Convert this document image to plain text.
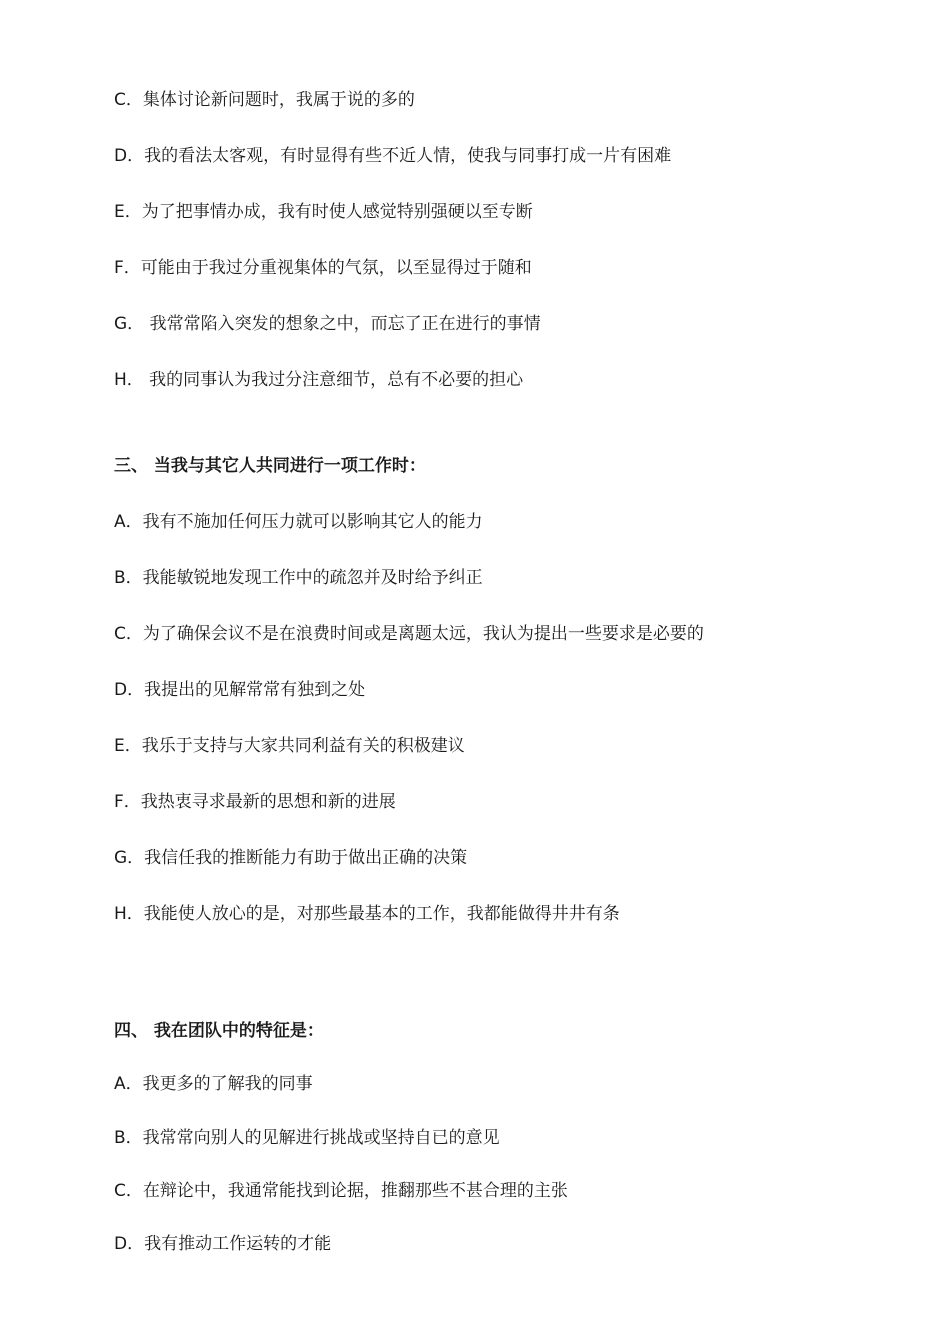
C．集体讨论新问题时，我属于说的多的
D．我的看法太客观，有时显得有些不近人情，使我与同事打成一片有困难
E．为了把事情办成，我有时使人感觉特别强硬以至专断
F．可能由于我过分重视集体的气氛，以至显得过于随和
G． 我常常陷入突发的想象之中，而忘了正在进行的事情
H． 我的同事认为我过分注意细节，总有不必要的担心
三、 当我与其它人共同进行一项工作时：
A．我有不施加任何压力就可以影响其它人的能力
B．我能敏锐地发现工作中的疏忽并及时给予纠正
C．为了确保会议不是在浪费时间或是离题太远，我认为提出一些要求是必要的
D．我提出的见解常常有独到之处
E．我乐于支持与大家共同利益有关的积极建议
F．我热衷寻求最新的思想和新的进展
G．我信任我的推断能力有助于做出正确的决策
H．我能使人放心的是，对那些最基本的工作，我都能做得井井有条
四、 我在团队中的特征是：
A．我更多的了解我的同事
B．我常常向别人的见解进行挑战或坚持自已的意见
C．在辩论中，我通常能找到论据，推翻那些不甚合理的主张
D．我有推动工作运转的才能
